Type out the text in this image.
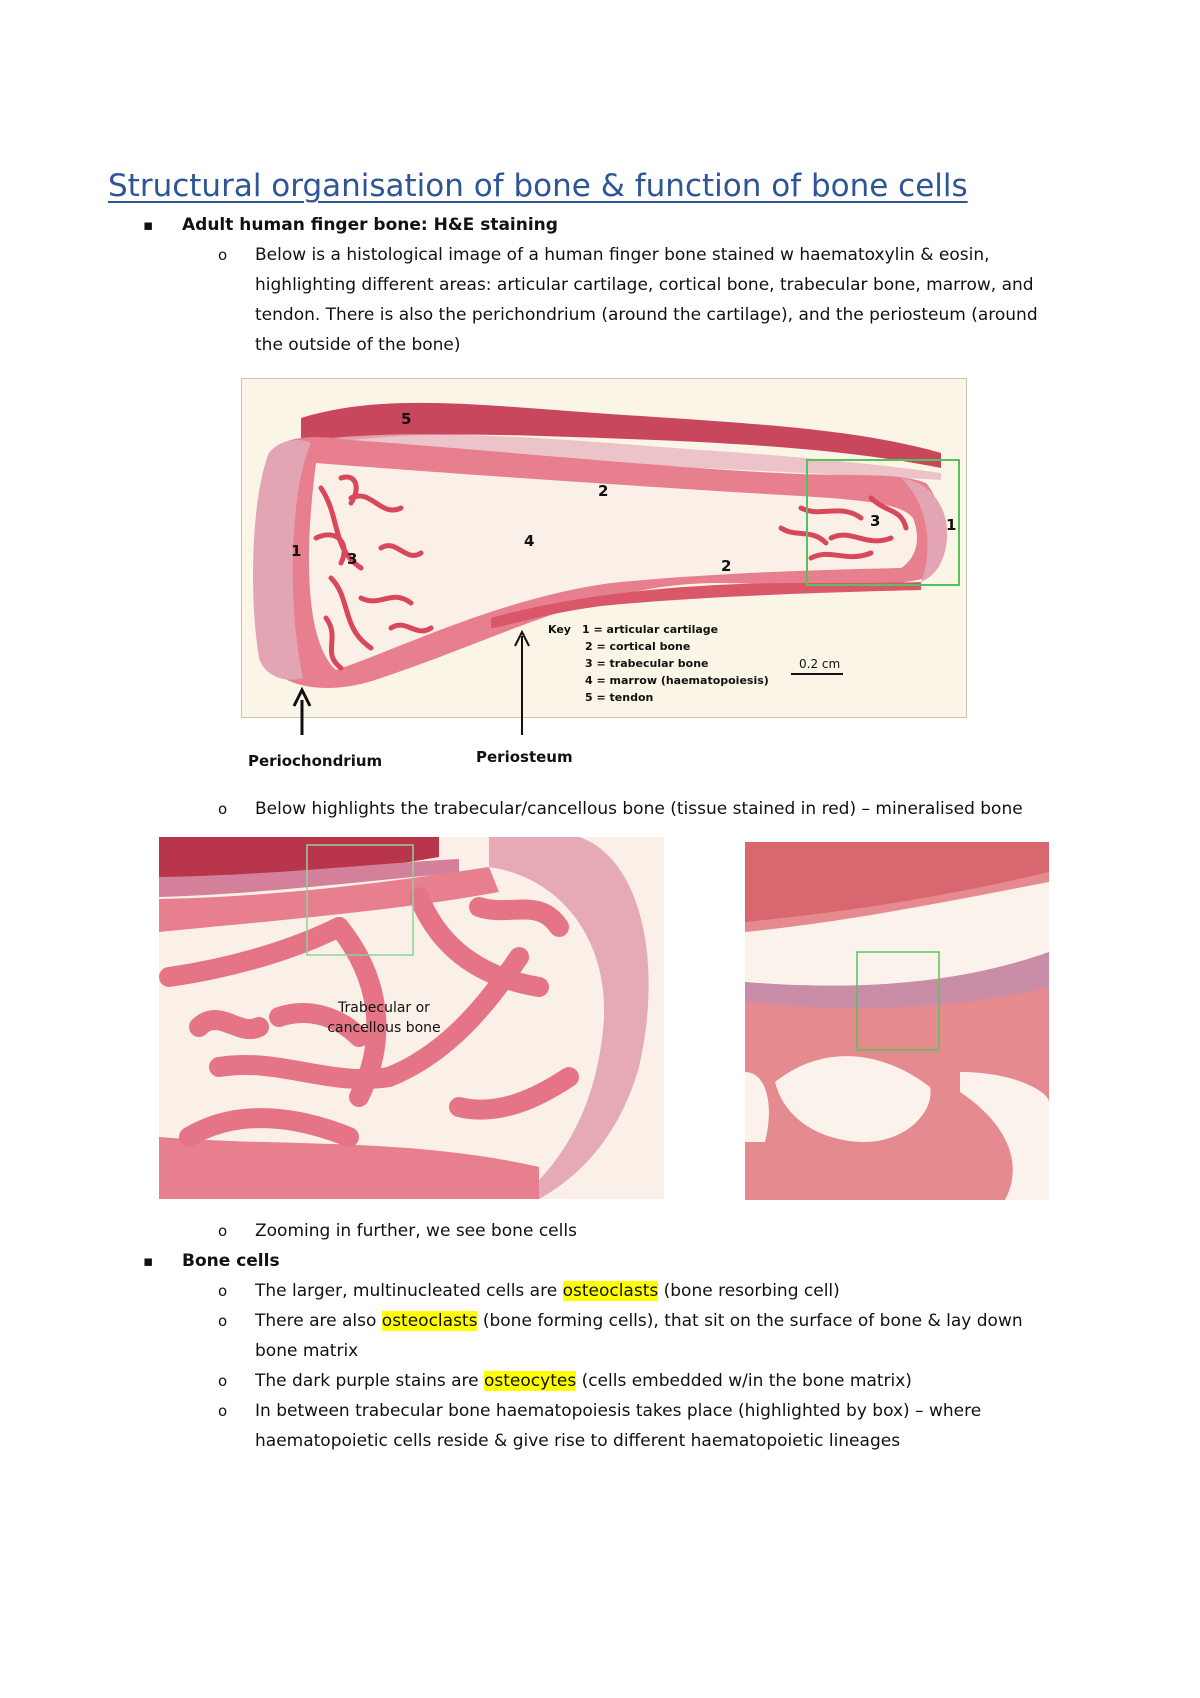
Structural organisation of bone & function of bone cells
▪ Adult human finger bone: H&E staining
o Below is a histological image of a human finger bone stained w haematoxylin & eosin,
highlighting different areas: articular cartilage, cortical bone, trabecular bone, marrow, and
tendon. There is also the perichondrium (around the cartilage), and the periosteum (around
the outside of the bone)
5
2
2
4
1	3
3	1
Key 1 = articular cartilage
2 = cortical bone
3 = trabecular bone
4 = marrow (haematopoiesis)
5 = tendon
0.2 cm
Periochondrium	Periosteum
o Below highlights the trabecular/cancellous bone (tissue stained in red) – mineralised bone
Trabecular or
cancellous bone
o Zooming in further, we see bone cells
▪ Bone cells
o The larger, multinucleated cells are osteoclasts (bone resorbing cell)
o There are also osteoclasts (bone forming cells), that sit on the surface of bone & lay down
bone matrix
o The dark purple stains are osteocytes (cells embedded w/in the bone matrix)
o In between trabecular bone haematopoiesis takes place (highlighted by box) – where
haematopoietic cells reside & give rise to different haematopoietic lineages
